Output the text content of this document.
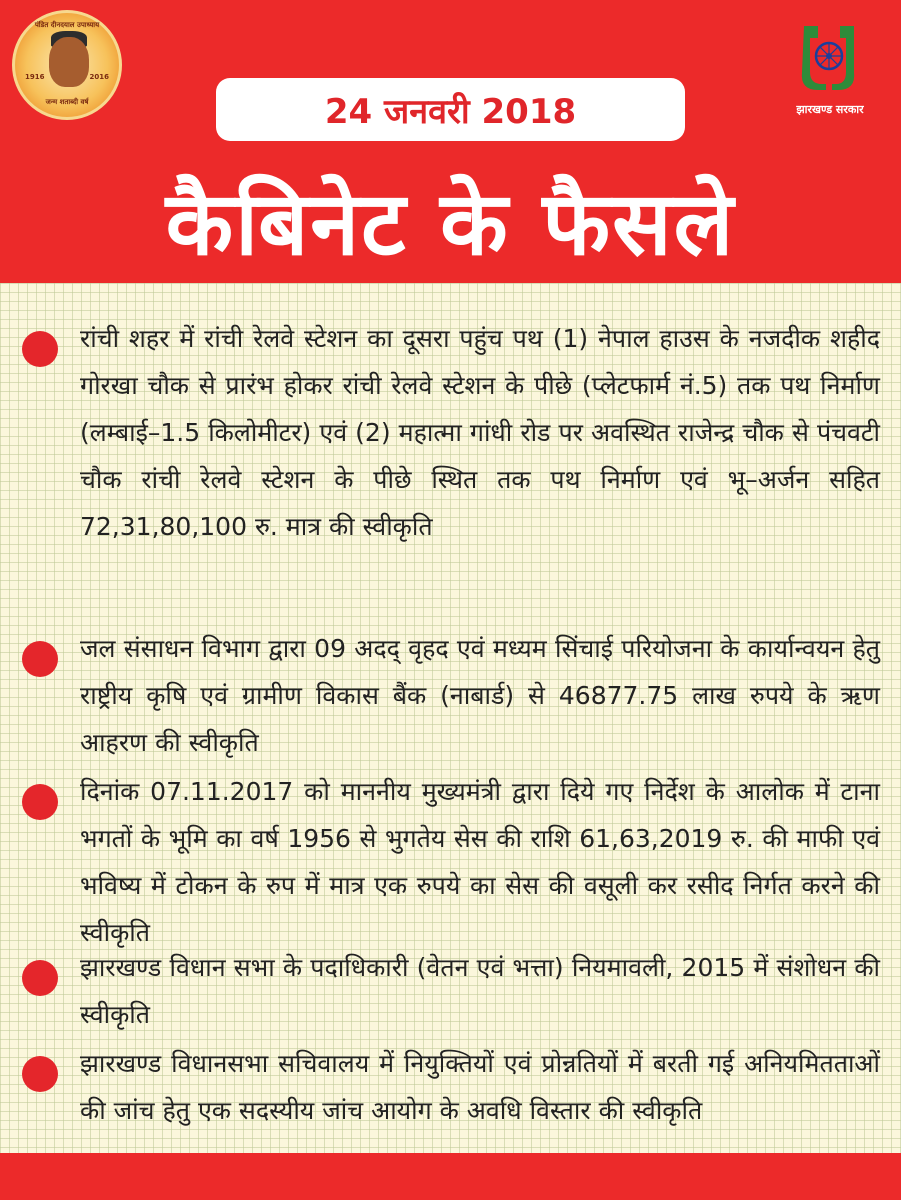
पंडित दीनदयाल उपाध्याय
1916	2016
जन्म शताब्दी वर्ष	24 जनवरी 2018	झारखण्ड सरकार
कैबिनेट के फैसले
रांची शहर में रांची रेलवे स्टेशन का दूसरा पहुंच पथ (1) नेपाल हाउस के नजदीक शहीद गोरखा चौक से प्रारंभ होकर रांची रेलवे स्टेशन के पीछे (प्लेटफार्म नं.5) तक पथ निर्माण (लम्बाई–1.5 किलोमीटर) एवं (2) महात्मा गांधी रोड पर अवस्थित राजेन्द्र चौक से पंचवटी चौक रांची रेलवे स्टेशन के पीछे स्थित तक पथ निर्माण एवं भू–अर्जन सहित 72,31,80,100 रु. मात्र की स्वीकृति
जल संसाधन विभाग द्वारा 09 अदद् वृहद एवं मध्यम सिंचाई परियोजना के कार्यान्वयन हेतु राष्ट्रीय कृषि एवं ग्रामीण विकास बैंक (नाबार्ड) से 46877.75 लाख रुपये के ऋण आहरण की स्वीकृति
दिनांक 07.11.2017 को माननीय मुख्यमंत्री द्वारा दिये गए निर्देश के आलोक में टाना भगतों के भूमि का वर्ष 1956 से भुगतेय सेस की राशि 61,63,2019 रु. की माफी एवं भविष्य में टोकन के रुप में मात्र एक रुपये का सेस की वसूली कर रसीद निर्गत करने की स्वीकृति
झारखण्ड विधान सभा के पदाधिकारी (वेतन एवं भत्ता) नियमावली, 2015 में संशोधन की स्वीकृति
झारखण्ड विधानसभा सचिवालय में नियुक्तियों एवं प्रोन्नतियों में बरती गई अनियमितताओं की जांच हेतु एक सदस्यीय जांच आयोग के अवधि विस्तार की स्वीकृति
